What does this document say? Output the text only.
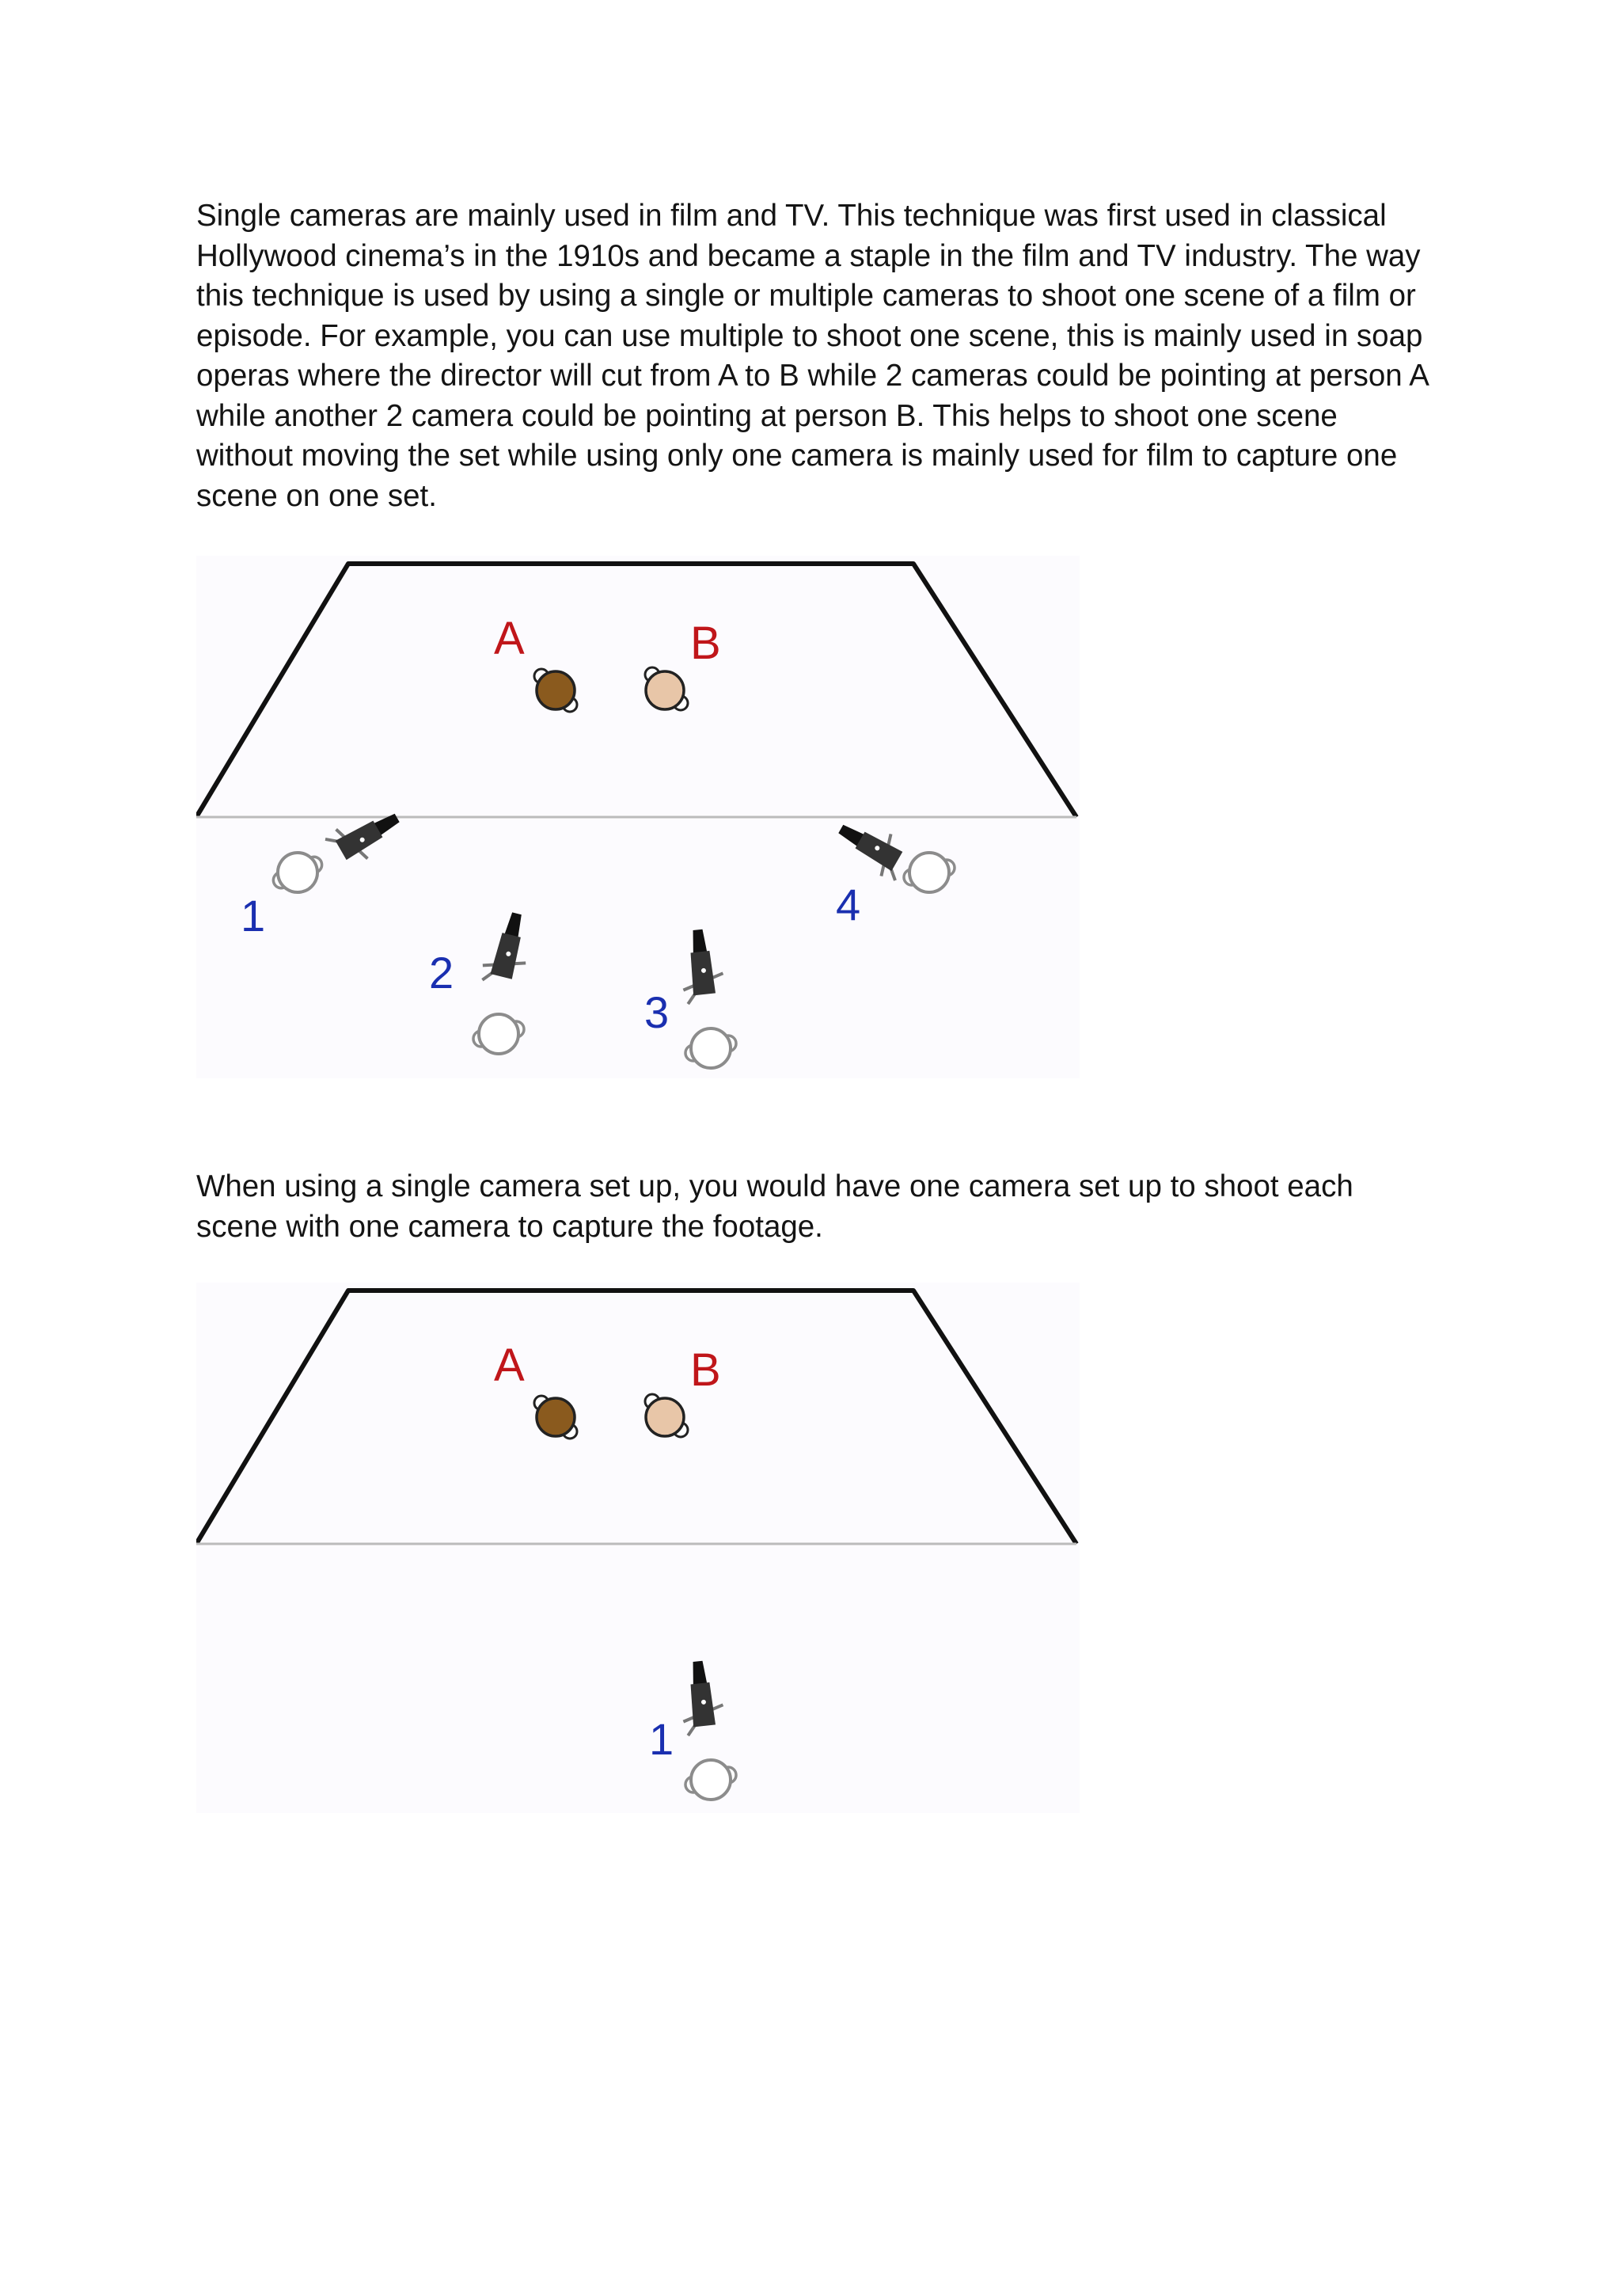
Single cameras are mainly used in film and TV. This technique was first used in classical Hollywood cinema’s in the 1910s and became a staple in the film and TV industry. The way this technique is used by using a single or multiple cameras to shoot one scene of a film or episode. For example, you can use multiple to shoot one scene, this is mainly used in soap operas where the director will cut from A to B while 2 cameras could be pointing at person A while another 2 camera could be pointing at person B. This helps to shoot one scene without moving the set while using only one camera is mainly used for film to capture one scene on one set.

A	B
1
2
3
4

When using a single camera set up, you would have one camera set up to shoot each scene with one camera to capture the footage.

A	B
1
